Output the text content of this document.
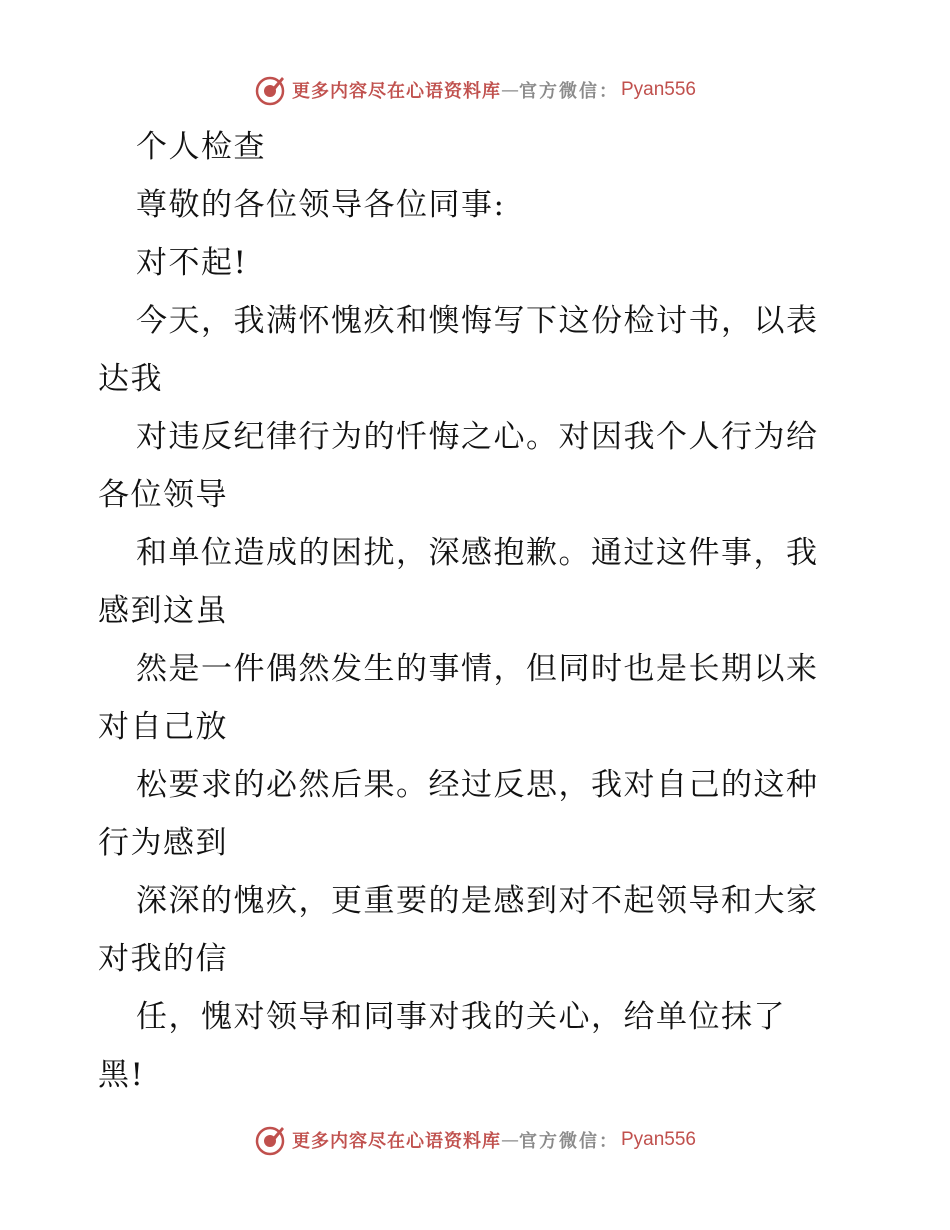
更多内容尽在心语资料库 — 官方微信： Pyan556
个人检查
尊敬的各位领导各位同事:
对不起!
今天，我满怀愧疚和懊悔写下这份检讨书，以表
达我
对违反纪律行为的忏悔之心。对因我个人行为给
各位领导
和单位造成的困扰，深感抱歉。通过这件事，我
感到这虽
然是一件偶然发生的事情，但同时也是长期以来
对自己放
松要求的必然后果。经过反思，我对自己的这种
行为感到
深深的愧疚，更重要的是感到对不起领导和大家
对我的信
任，愧对领导和同事对我的关心，给单位抹了
黑!
更多内容尽在心语资料库 — 官方微信： Pyan556
